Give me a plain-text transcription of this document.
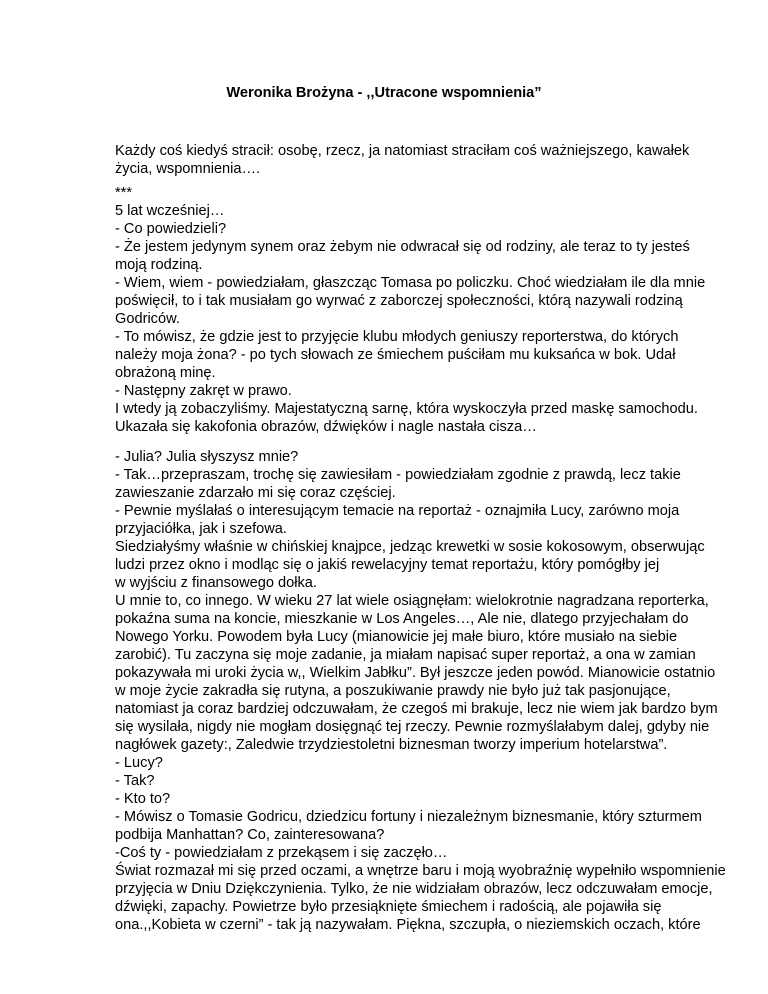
Weronika Brożyna - ,,Utracone wspomnienia”
Każdy coś kiedyś stracił: osobę, rzecz, ja natomiast straciłam coś ważniejszego, kawałek
życia, wspomnienia….
***
5 lat wcześniej…
- Co powiedzieli?
- Że jestem jedynym synem oraz żebym nie odwracał się od rodziny, ale teraz to ty jesteś
moją rodziną.
- Wiem, wiem - powiedziałam, głaszcząc Tomasa po policzku. Choć wiedziałam ile dla mnie
poświęcił, to i tak musiałam go wyrwać z zaborczej społeczności, którą nazywali rodziną
Godriców.
- To mówisz, że gdzie jest to przyjęcie klubu młodych geniuszy reporterstwa, do których
należy moja żona? - po tych słowach ze śmiechem puściłam mu kuksańca w bok. Udał
obrażoną minę.
- Następny zakręt w prawo.
I wtedy ją zobaczyliśmy. Majestatyczną sarnę, która wyskoczyła przed maskę samochodu.
Ukazała się kakofonia obrazów, dźwięków i nagle nastała cisza…
- Julia? Julia słyszysz mnie?
- Tak…przepraszam, trochę się zawiesiłam - powiedziałam zgodnie z prawdą, lecz takie
zawieszanie zdarzało mi się coraz częściej.
- Pewnie myślałaś o interesującym temacie na reportaż - oznajmiła Lucy, zarówno moja
przyjaciółka, jak i szefowa.
Siedziałyśmy właśnie w chińskiej knajpce, jedząc krewetki w sosie kokosowym, obserwując
ludzi przez okno i modląc się o jakiś rewelacyjny temat reportażu, który pomógłby jej
w wyjściu z finansowego dołka.
U mnie to, co innego. W wieku 27 lat wiele osiągnęłam: wielokrotnie nagradzana reporterka,
pokaźna suma na koncie, mieszkanie w Los Angeles…, Ale nie, dlatego przyjechałam do
Nowego Yorku. Powodem była Lucy (mianowicie jej małe biuro, które musiało na siebie
zarobić). Tu zaczyna się moje zadanie, ja miałam napisać super reportaż, a ona w zamian
pokazywała mi uroki życia w,, Wielkim Jabłku”. Był jeszcze jeden powód. Mianowicie ostatnio
w moje życie zakradła się rutyna, a poszukiwanie prawdy nie było już tak pasjonujące,
natomiast ja coraz bardziej odczuwałam, że czegoś mi brakuje, lecz nie wiem jak bardzo bym
się wysilała, nigdy nie mogłam dosięgnąć tej rzeczy. Pewnie rozmyślałabym dalej, gdyby nie
nagłówek gazety:, Zaledwie trzydziestoletni biznesman tworzy imperium hotelarstwa”.
- Lucy?
- Tak?
- Kto to?
- Mówisz o Tomasie Godricu, dziedzicu fortuny i niezależnym biznesmanie, który szturmem
podbija Manhattan? Co, zainteresowana?
-Coś ty - powiedziałam z przekąsem i się zaczęło…
Świat rozmazał mi się przed oczami, a wnętrze baru i moją wyobraźnię wypełniło wspomnienie
przyjęcia w Dniu Dziękczynienia. Tylko, że nie widziałam obrazów, lecz odczuwałam emocje,
dźwięki, zapachy. Powietrze było przesiąknięte śmiechem i radością, ale pojawiła się
ona.,,Kobieta w czerni” - tak ją nazywałam. Piękna, szczupła, o nieziemskich oczach, które
